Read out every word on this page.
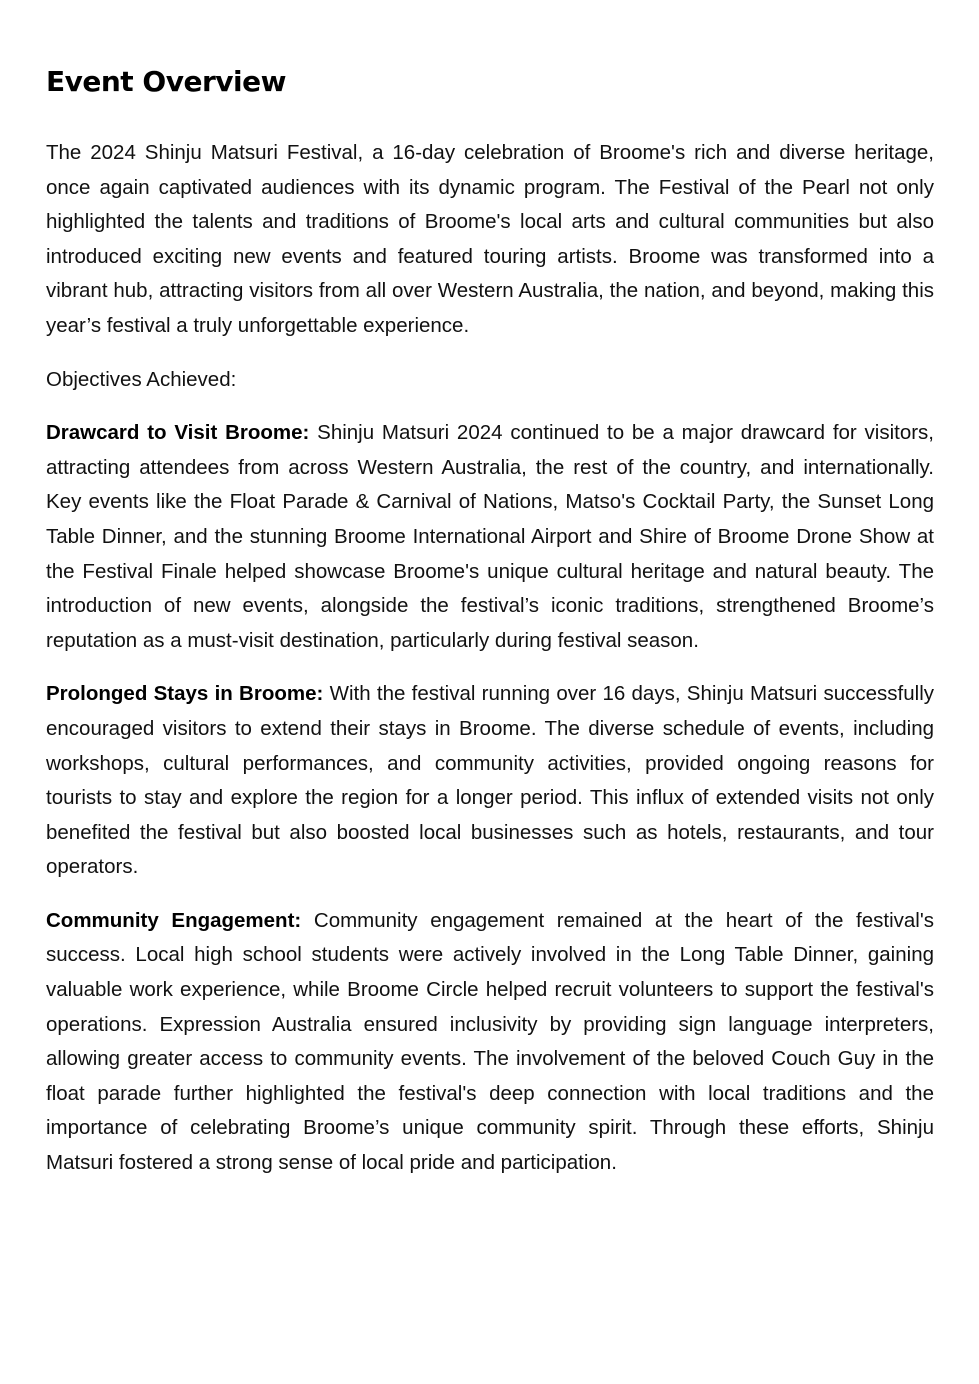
Event Overview

The 2024 Shinju Matsuri Festival, a 16-day celebration of Broome's rich and diverse heritage, once again captivated audiences with its dynamic program. The Festival of the Pearl not only highlighted the talents and traditions of Broome's local arts and cultural communities but also introduced exciting new events and featured touring artists. Broome was transformed into a vibrant hub, attracting visitors from all over Western Australia, the nation, and beyond, making this year’s festival a truly unforgettable experience.

Objectives Achieved:

Drawcard to Visit Broome: Shinju Matsuri 2024 continued to be a major drawcard for visitors, attracting attendees from across Western Australia, the rest of the country, and internationally. Key events like the Float Parade & Carnival of Nations, Matso's Cocktail Party, the Sunset Long Table Dinner, and the stunning Broome International Airport and Shire of Broome Drone Show at the Festival Finale helped showcase Broome's unique cultural heritage and natural beauty. The introduction of new events, alongside the festival’s iconic traditions, strengthened Broome’s reputation as a must-visit destination, particularly during festival season.

Prolonged Stays in Broome: With the festival running over 16 days, Shinju Matsuri successfully encouraged visitors to extend their stays in Broome. The diverse schedule of events, including workshops, cultural performances, and community activities, provided ongoing reasons for tourists to stay and explore the region for a longer period. This influx of extended visits not only benefited the festival but also boosted local businesses such as hotels, restaurants, and tour operators.

Community Engagement: Community engagement remained at the heart of the festival's success. Local high school students were actively involved in the Long Table Dinner, gaining valuable work experience, while Broome Circle helped recruit volunteers to support the festival's operations. Expression Australia ensured inclusivity by providing sign language interpreters, allowing greater access to community events. The involvement of the beloved Couch Guy in the float parade further highlighted the festival's deep connection with local traditions and the importance of celebrating Broome’s unique community spirit. Through these efforts, Shinju Matsuri fostered a strong sense of local pride and participation.
